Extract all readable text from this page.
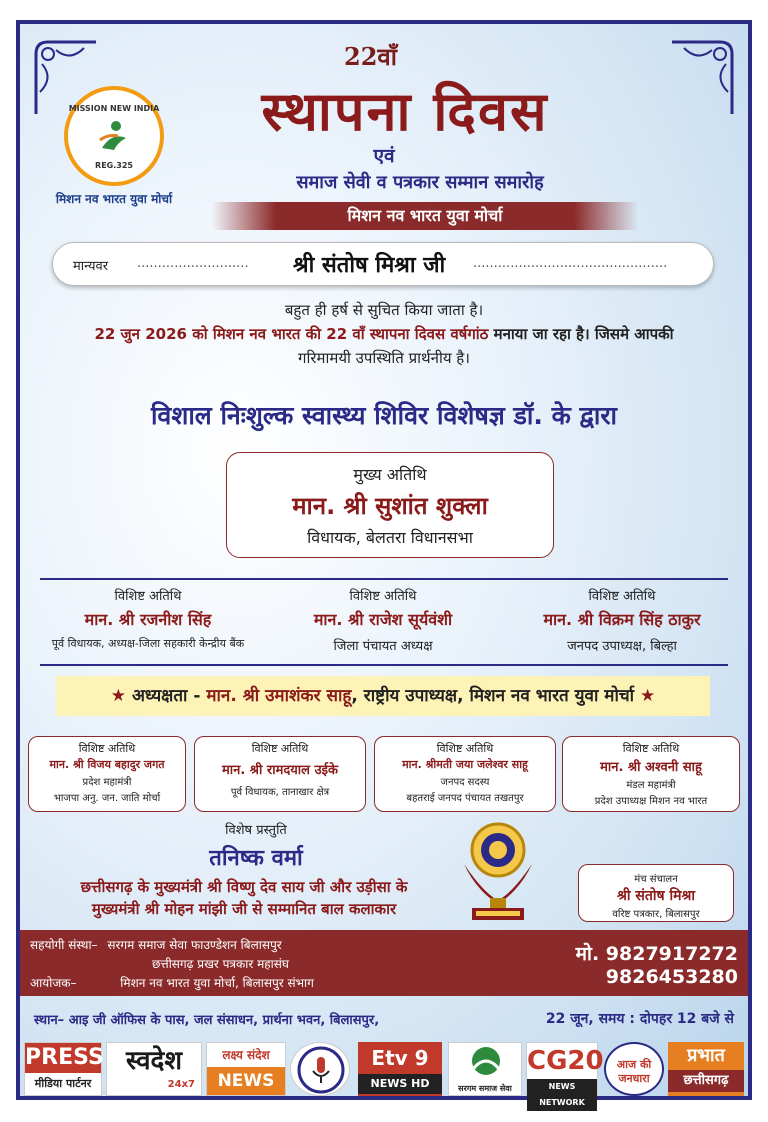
MISSION NEW INDIA
REG.325
मिशन नव भारत युवा मोर्चा
22वाँ
स्थापना दिवस
एवं
समाज सेवी व पत्रकार सम्मान समारोह
मिशन नव भारत युवा मोर्चा
मान्यवर ...........................	श्री संतोष मिश्रा जी ...............................................
बहुत ही हर्ष से सुचित किया जाता है।
22 जुन 2026 को मिशन नव भारत की 22 वाँ स्थापना दिवस वर्षगांठ मनाया जा रहा है। जिसमे आपकी
गरिमामयी उपस्थिति प्रार्थनीय है।
विशाल निःशुल्क स्वास्थ्य शिविर विशेषज्ञ डॉ. के द्वारा
मुख्य अतिथि
मान. श्री सुशांत शुक्ला
विधायक, बेलतरा विधानसभा
विशिष्ट अतिथि
मान. श्री रजनीश सिंह
पूर्व विधायक, अध्यक्ष-जिला सहकारी केन्द्रीय बैंक
विशिष्ट अतिथि
मान. श्री राजेश सूर्यवंशी
जिला पंचायत अध्यक्ष
विशिष्ट अतिथि
मान. श्री विक्रम सिंह ठाकुर
जनपद उपाध्यक्ष, बिल्हा
★ अध्यक्षता - मान. श्री उमाशंकर साहू, राष्ट्रीय उपाध्यक्ष, मिशन नव भारत युवा मोर्चा ★
विशिष्ट अतिथि
मान. श्री विजय बहादुर जगत
प्रदेश महामंत्री
भाजपा अनु. जन. जाति मोर्चा
विशिष्ट अतिथि
मान. श्री रामदयाल उईके
पूर्व विधायक, तानाखार क्षेत्र
विशिष्ट अतिथि
मान. श्रीमती जया जलेश्वर साहू
जनपद सदस्य
बहतराई जनपद पंचायत तखतपुर
विशिष्ट अतिथि
मान. श्री अश्वनी साहू
मंडल महामंत्री
प्रदेश उपाध्यक्ष मिशन नव भारत
विशेष प्रस्तुति
तनिष्क वर्मा
छत्तीसगढ़ के मुख्यमंत्री श्री विष्णु देव साय जी और उड़ीसा के
मुख्यमंत्री श्री मोहन मांझी जी से सम्मानित बाल कलाकार
मंच संचालन
श्री संतोष मिश्रा
वरिष्ट पत्रकार, बिलासपुर
सहयोगी संस्था– सरगम समाज सेवा फाउण्डेशन बिलासपुर
छत्तीसगढ़ प्रखर पत्रकार महासंघ
आयोजक–	मिशन नव भारत युवा मोर्चा, बिलासपुर संभाग
मो. 9827917272
9826453280
स्थान– आइ जी ऑफिस के पास, जल संसाधन, प्रार्थना भवन, बिलासपुर,	22 जून, समय : दोपहर 12 बजे से
PRESS
मीडिया पार्टनर
स्वदेश
24x7
लक्ष्य संदेश
NEWS
Etv 9
NEWS HD	सरगम समाज सेवा
CG20
NEWS NETWORK
आज की जनधारा
प्रभात
छत्तीसगढ़
